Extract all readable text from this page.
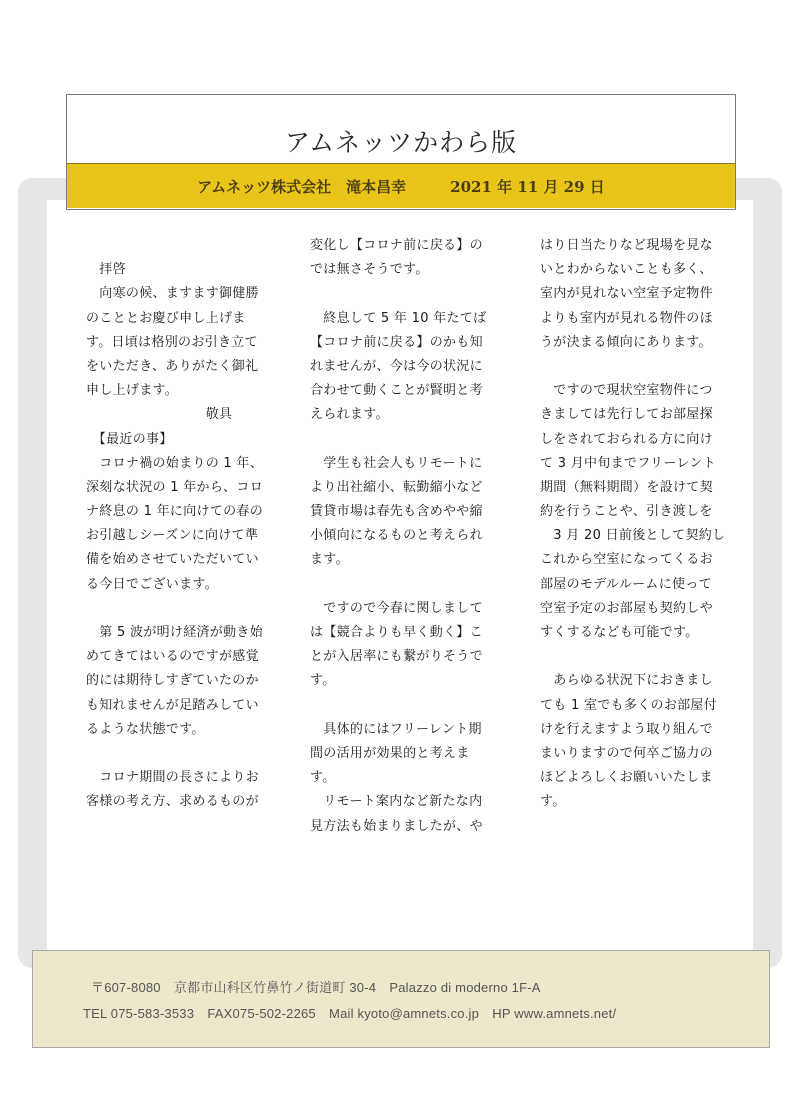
アムネッツかわら版
アムネッツ株式会社　滝本昌幸	2021 年 11 月 29 日
　拝啓
　向寒の候、ますます御健勝
のこととお慶び申し上げま
す。日頃は格別のお引き立て
をいただき、ありがたく御礼
申し上げます。
　　　　　　　　　敬具
　【最近の事】
　コロナ禍の始まりの 1 年、
深刻な状況の 1 年から、コロ
ナ終息の 1 年に向けての春の
お引越しシーズンに向けて準
備を始めさせていただいてい
る今日でございます。
　第 5 波が明け経済が動き始
めてきてはいるのですが感覚
的には期待しすぎていたのか
も知れませんが足踏みしてい
るような状態です。
　コロナ期間の長さによりお
客様の考え方、求めるものが
変化し【コロナ前に戻る】の
では無さそうです。
　終息して 5 年 10 年たてば
【コロナ前に戻る】のかも知
れませんが、今は今の状況に
合わせて動くことが賢明と考
えられます。
　学生も社会人もリモートに
より出社縮小、転勤縮小など
賃貸市場は春先も含めやや縮
小傾向になるものと考えられ
ます。
　ですので今春に関しまして
は【競合よりも早く動く】こ
とが入居率にも繋がりそうで
す。
　具体的にはフリーレント期
間の活用が効果的と考えま
す。
　リモート案内など新たな内
見方法も始まりましたが、や
はり日当たりなど現場を見な
いとわからないことも多く、
室内が見れない空室予定物件
よりも室内が見れる物件のほ
うが決まる傾向にあります。
　ですので現状空室物件につ
きましては先行してお部屋探
しをされておられる方に向け
て 3 月中旬までフリーレント
期間（無料期間）を設けて契
約を行うことや、引き渡しを
　3 月 20 日前後として契約し
これから空室になってくるお
部屋のモデルルームに使って
空室予定のお部屋も契約しや
すくするなども可能です。
　あらゆる状況下におきまし
ても 1 室でも多くのお部屋付
けを行えますよう取り組んで
まいりますので何卒ご協力の
ほどよろしくお願いいたしま
す。
〒607-8080　京都市山科区竹鼻竹ノ街道町 30-4　Palazzo di moderno 1F-A
TEL 075-583-3533　FAX075-502-2265　Mail kyoto@amnets.co.jp　HP www.amnets.net/
